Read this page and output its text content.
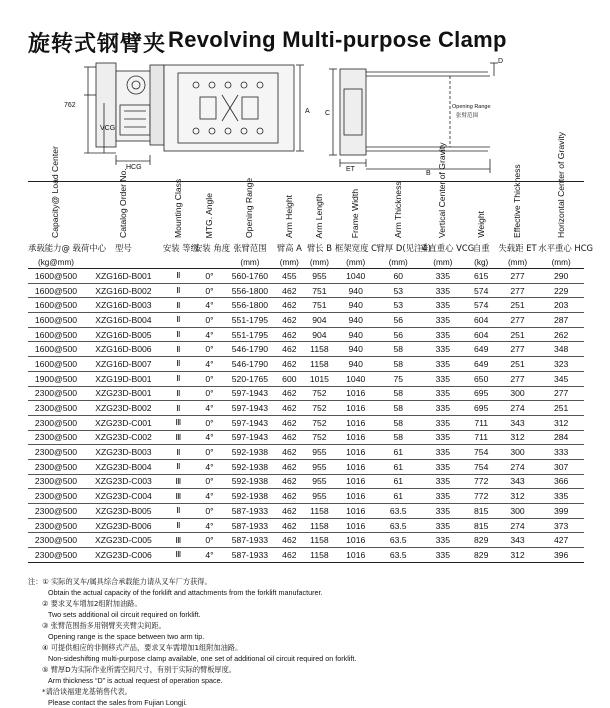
旋转式钢臂夹 Revolving Multi-purpose Clamp
762
VCG
HCG
A C
D
ET
B
Opening Range
张臂范围
Capacity@ Load Center	Catalog Order No.	Mounting Class	MTG. Angle	Opening Range	Arm Height	Arm Length	Frame Width	Arm Thickness	Vertical Center of Gravity	Weight	Effective Thickness	Horizontal Center of Gravity
承载能力@ 载荷中心	型号	安装 等级	安装 角度	张臂范围	臂高 A	臂长 B	框架宽度 C	臂厚 D(见注4)	垂直重心 VCG	自重	失载距 ET	水平重心 HCG
(kg@mm)				(mm)	(mm)	(mm)	(mm)	(mm)	(mm)	(kg)	(mm)	(mm)
1600@500	XZG16D-B001	Ⅱ	0°	560-1760	455	955	1040	60	335	615	277	290
1600@500	XZG16D-B002	Ⅱ	0°	556-1800	462	751	940	53	335	574	277	229
1600@500	XZG16D-B003	Ⅱ	4°	556-1800	462	751	940	53	335	574	251	203
1600@500	XZG16D-B004	Ⅱ	0°	551-1795	462	904	940	56	335	604	277	287
1600@500	XZG16D-B005	Ⅱ	4°	551-1795	462	904	940	56	335	604	251	262
1600@500	XZG16D-B006	Ⅱ	0°	546-1790	462	1158	940	58	335	649	277	348
1600@500	XZG16D-B007	Ⅱ	4°	546-1790	462	1158	940	58	335	649	251	323
1900@500	XZG19D-B001	Ⅱ	0°	520-1765	600	1015	1040	75	335	650	277	345
2300@500	XZG23D-B001	Ⅱ	0°	597-1943	462	752	1016	58	335	695	300	277
2300@500	XZG23D-B002	Ⅱ	4°	597-1943	462	752	1016	58	335	695	274	251
2300@500	XZG23D-C001	Ⅲ	0°	597-1943	462	752	1016	58	335	711	343	312
2300@500	XZG23D-C002	Ⅲ	4°	597-1943	462	752	1016	58	335	711	312	284
2300@500	XZG23D-B003	Ⅱ	0°	592-1938	462	955	1016	61	335	754	300	333
2300@500	XZG23D-B004	Ⅱ	4°	592-1938	462	955	1016	61	335	754	274	307
2300@500	XZG23D-C003	Ⅲ	0°	592-1938	462	955	1016	61	335	772	343	366
2300@500	XZG23D-C004	Ⅲ	4°	592-1938	462	955	1016	61	335	772	312	335
2300@500	XZG23D-B005	Ⅱ	0°	587-1933	462	1158	1016	63.5	335	815	300	399
2300@500	XZG23D-B006	Ⅱ	4°	587-1933	462	1158	1016	63.5	335	815	274	373
2300@500	XZG23D-C005	Ⅲ	0°	587-1933	462	1158	1016	63.5	335	829	343	427
2300@500	XZG23D-C006	Ⅲ	4°	587-1933	462	1158	1016	63.5	335	829	312	396
注：① 实际的叉车/属具综合承载能力请从叉车厂方获得。
Obtain the actual capacity of the forklift and attachments from the forklift manufacturer.
② 要求叉车增加2组附加油路。
Two sets additional oil circuit required on forklift.
③ 张臂范围指多用钢臂夹夹臂尖间距。
Opening range is the space between two arm tip.
④ 可提供相应的非侧移式产品，要求叉车需增加1组附加油路。
Non-sideshifting multi-purpose clamp available, one set of additional oil circuit required on forklift.
⑤ 臂厚D为实际作业所需空间尺寸，有别于实际的臂板厚度。
Arm thickness “D” is actual request of operation space.
*请洽谈福建龙基销售代表。
Please contact the sales from Fujian Longji.
